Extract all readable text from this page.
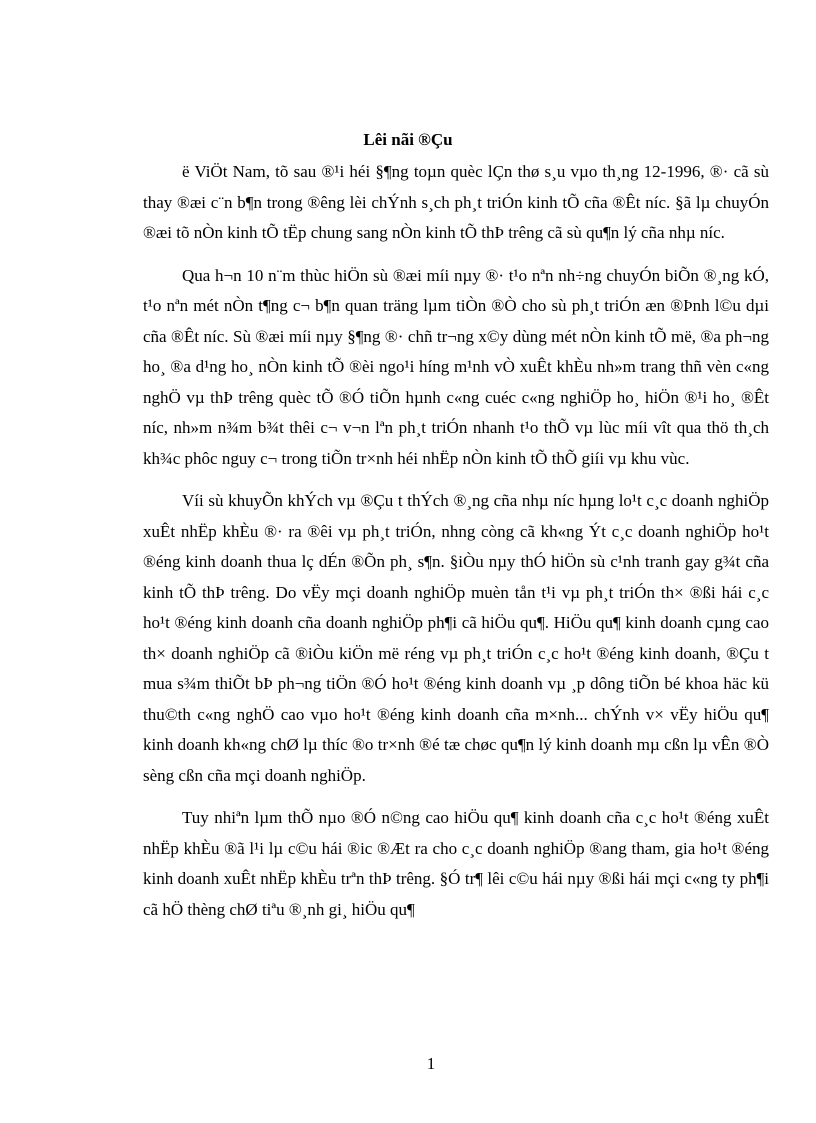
Lêi nãi ®Çu

ë ViÖt Nam, tõ sau ®¹i héi §¶ng toµn quèc lÇn thø s¸u vµo th¸ng 12-1996, ®· cã sù thay ®æi c¨n b¶n trong ®êng lèi chÝnh s¸ch ph¸t triÓn kinh tÕ cña ®Êt níc. §ã lµ chuyÓn ®æi tõ nÒn kinh tÕ tËp chung sang nÒn kinh tÕ thÞ trêng cã sù qu¶n lý cña nhµ níc.

Qua h¬n 10 n¨m thùc hiÖn sù ®æi míi nµy ®· t¹o nªn nh÷ng chuyÓn biÕn ®¸ng kÓ, t¹o nªn mét nÒn t¶ng c¬ b¶n quan träng lµm tiÒn ®Ò cho sù ph¸t triÓn æn ®Þnh l©u dµi cña ®Êt níc. Sù ®æi míi nµy §¶ng ®· chñ tr¬ng x©y dùng mét nÒn kinh tÕ më, ®a ph¬ng ho¸ ®a d¹ng ho¸ nÒn kinh tÕ ®èi ngo¹i híng m¹nh vÒ xuÊt khÈu nh»m trang thñ vèn c«ng nghÖ vµ thÞ trêng quèc tÕ ®Ó tiÕn hµnh c«ng cuéc c«ng nghiÖp ho¸ hiÖn ®¹i ho¸ ®Êt níc, nh»m n¾m b¾t thêi c¬ v¬n lªn ph¸t triÓn nhanh t¹o thÕ vµ lùc míi vît qua thö th¸ch kh¾c phôc nguy c¬ trong tiÕn tr×nh héi nhËp nÒn kinh tÕ thÕ giíi vµ khu vùc.

Víi sù khuyÕn khÝch vµ ®Çu t thÝch ®¸ng cña nhµ níc hµng lo¹t c¸c doanh nghiÖp xuÊt nhËp khÈu ®· ra ®êi vµ ph¸t triÓn, nhng còng cã kh«ng Ýt c¸c doanh nghiÖp ho¹t ®éng kinh doanh thua lç dÉn ®Õn ph¸ s¶n. §iÒu nµy thÓ hiÖn sù c¹nh tranh gay g¾t cña kinh tÕ thÞ trêng. Do vËy mçi doanh nghiÖp muèn tån t¹i vµ ph¸t triÓn th× ®ßi hái c¸c ho¹t ®éng kinh doanh cña doanh nghiÖp ph¶i cã hiÖu qu¶. HiÖu qu¶ kinh doanh cµng cao th× doanh nghiÖp cã ®iÒu kiÖn më réng vµ ph¸t triÓn c¸c ho¹t ®éng kinh doanh, ®Çu t mua s¾m thiÕt bÞ ph¬ng tiÖn ®Ó ho¹t ®éng kinh doanh vµ ¸p dông tiÕn bé khoa häc kü thu©th c«ng nghÖ cao vµo ho¹t ®éng kinh doanh cña m×nh... chÝnh v× vËy hiÖu qu¶ kinh doanh kh«ng chØ lµ thíc ®o tr×nh ®é tæ chøc qu¶n lý kinh doanh mµ cßn lµ vÊn ®Ò sèng cßn cña mçi doanh nghiÖp.

Tuy nhiªn lµm thÕ nµo ®Ó n©ng cao hiÖu qu¶ kinh doanh cña c¸c ho¹t ®éng xuÊt nhËp khÈu ®ã l¹i lµ c©u hái ®ic ®Æt ra cho c¸c doanh nghiÖp ®ang tham, gia ho¹t ®éng kinh doanh xuÊt nhËp khÈu trªn thÞ trêng. §Ó tr¶ lêi c©u hái nµy ®ßi hái mçi c«ng ty ph¶i cã hÖ thèng chØ tiªu ®¸nh gi¸ hiÖu qu¶

1
